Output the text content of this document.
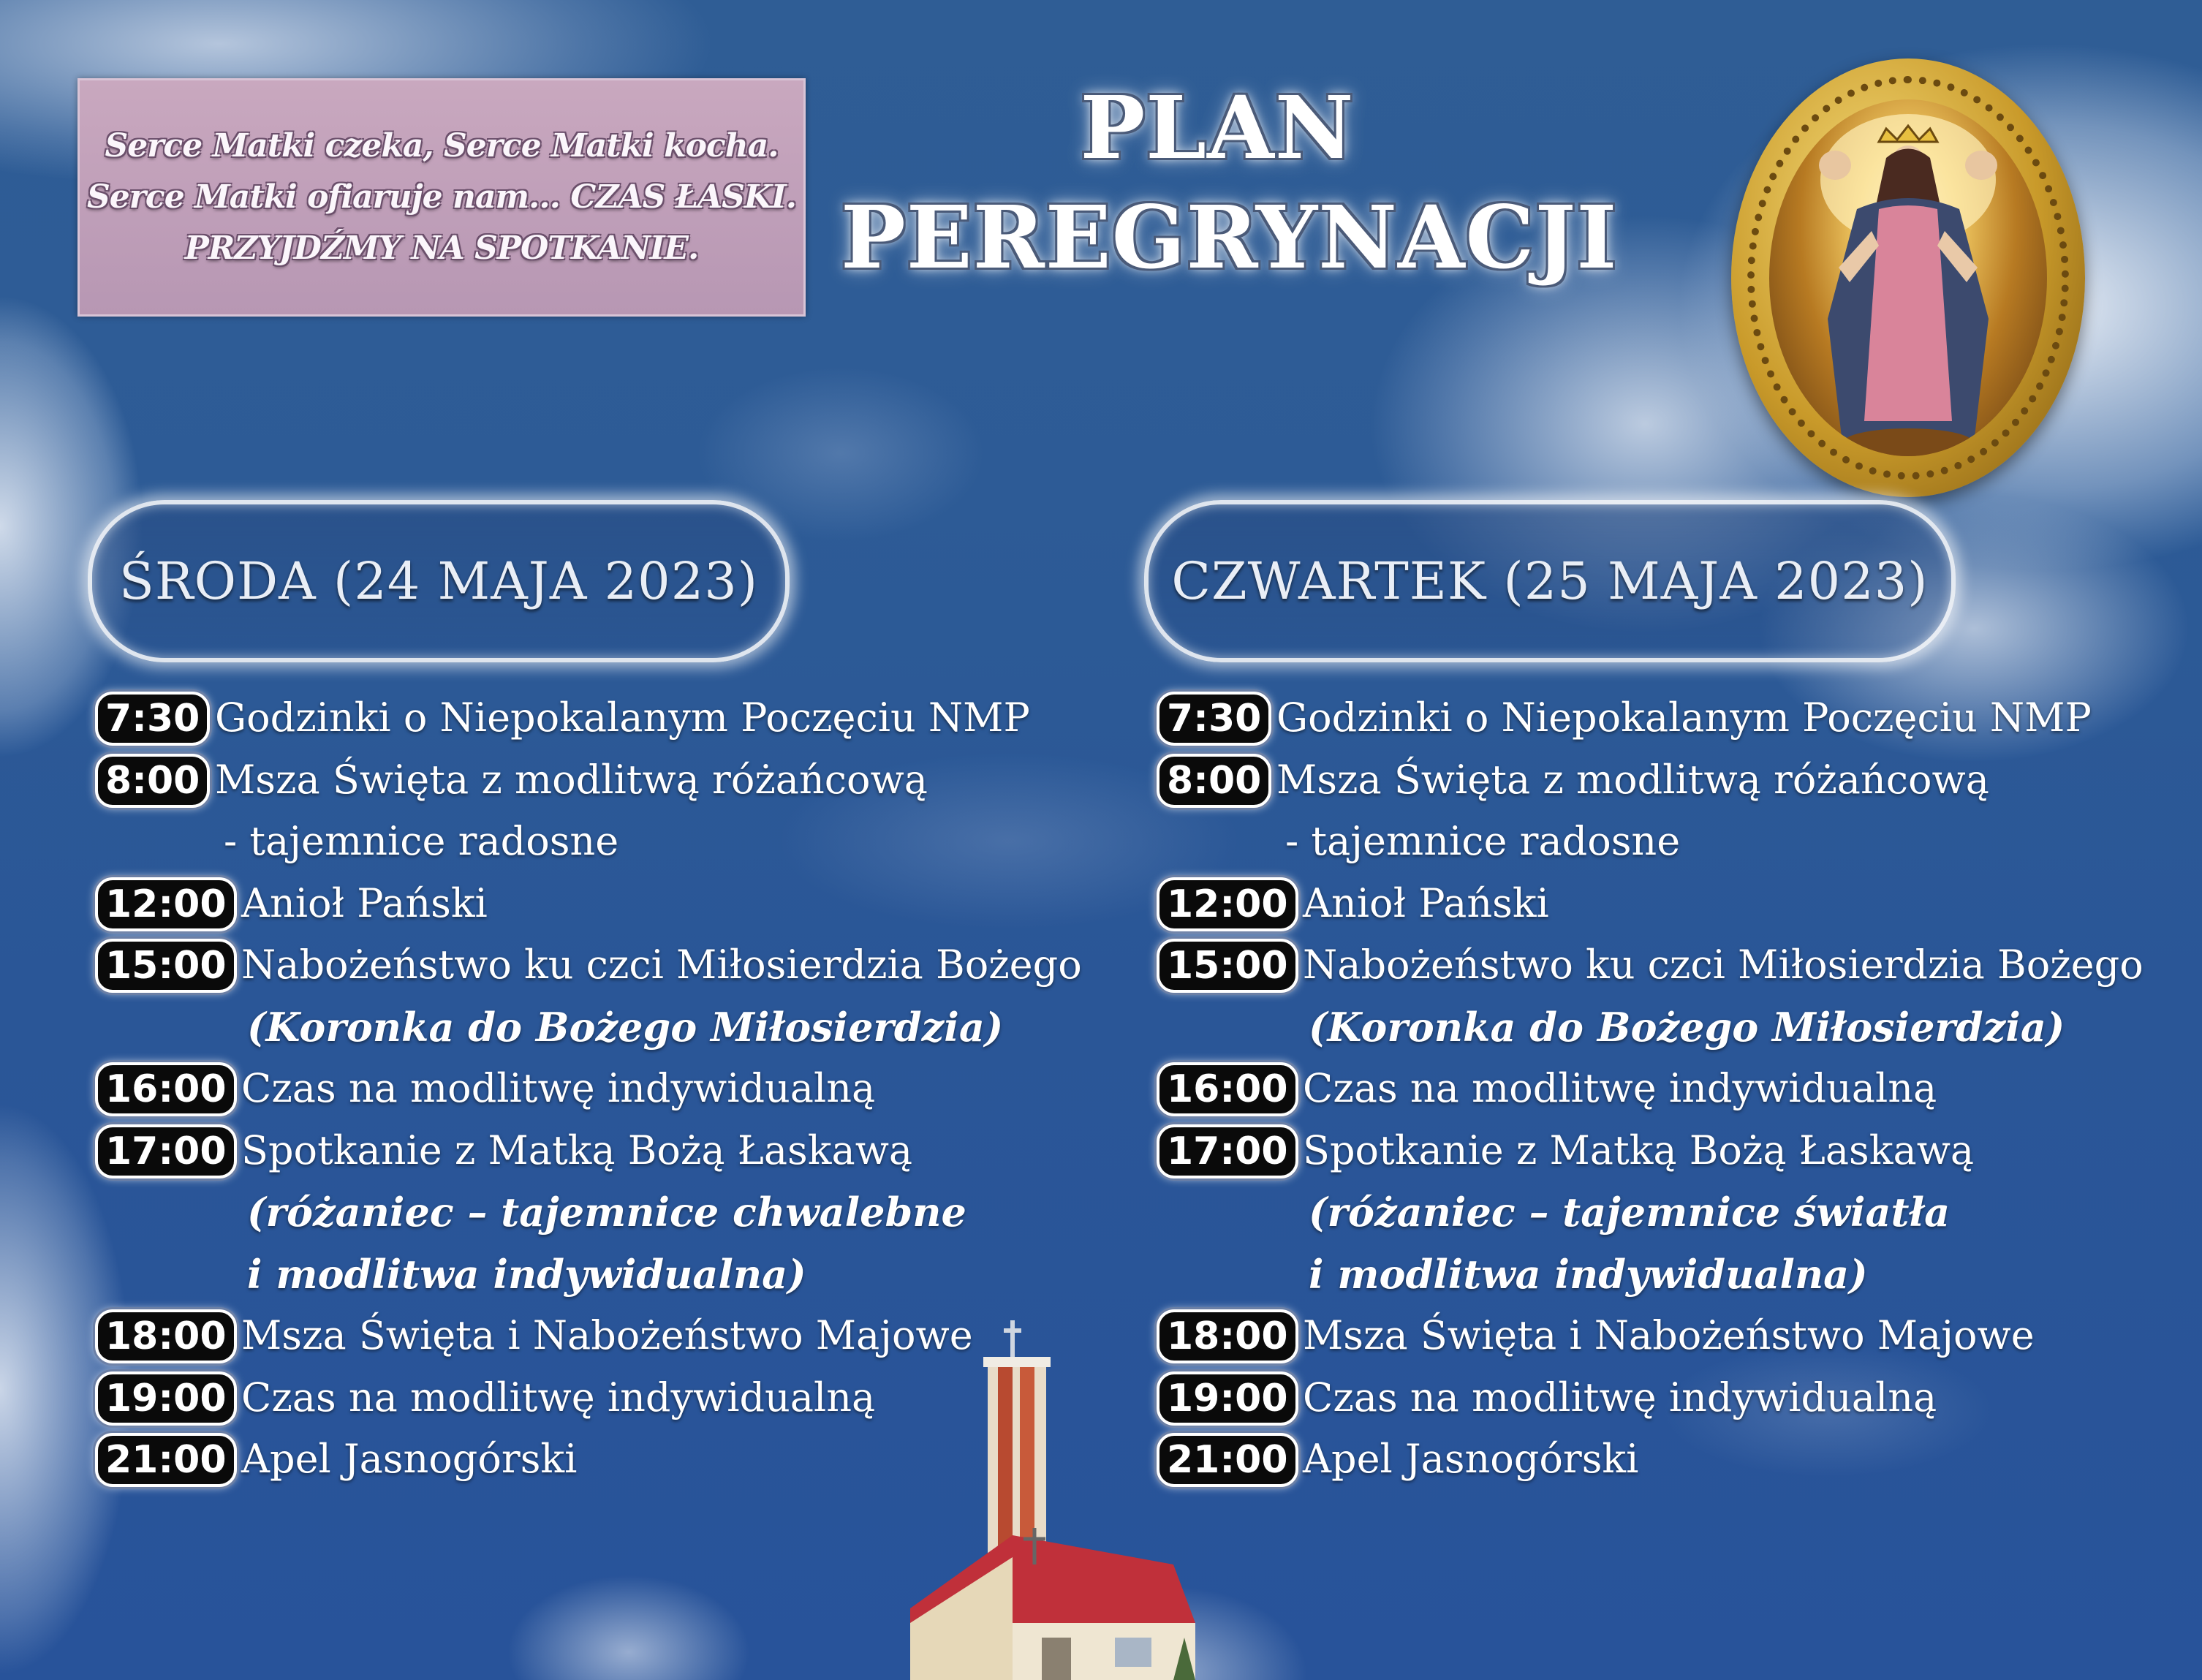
Serce Matki czeka, Serce Matki kocha.
Serce Matki ofiaruje nam… CZAS ŁASKI.
PRZYJDŹMY NA SPOTKANIE.
PLAN
PEREGRYNACJI
ŚRODA (24 MAJA 2023)	CZWARTEK (25 MAJA 2023)
7:30 Godzinki o Niepokalanym Poczęciu NMP
8:00 Msza Święta z modlitwą różańcową
- tajemnice radosne
12:00 Anioł Pański
15:00 Nabożeństwo ku czci Miłosierdzia Bożego
(Koronka do Bożego Miłosierdzia)
16:00 Czas na modlitwę indywidualną
17:00 Spotkanie z Matką Bożą Łaskawą
(różaniec – tajemnice chwalebne
i modlitwa indywidualna)
18:00 Msza Święta i Nabożeństwo Majowe
19:00 Czas na modlitwę indywidualną
21:00 Apel Jasnogórski
7:30 Godzinki o Niepokalanym Poczęciu NMP
8:00 Msza Święta z modlitwą różańcową
- tajemnice radosne
12:00 Anioł Pański
15:00 Nabożeństwo ku czci Miłosierdzia Bożego
(Koronka do Bożego Miłosierdzia)
16:00 Czas na modlitwę indywidualną
17:00 Spotkanie z Matką Bożą Łaskawą
(różaniec – tajemnice światła
i modlitwa indywidualna)
18:00 Msza Święta i Nabożeństwo Majowe
19:00 Czas na modlitwę indywidualną
21:00 Apel Jasnogórski
